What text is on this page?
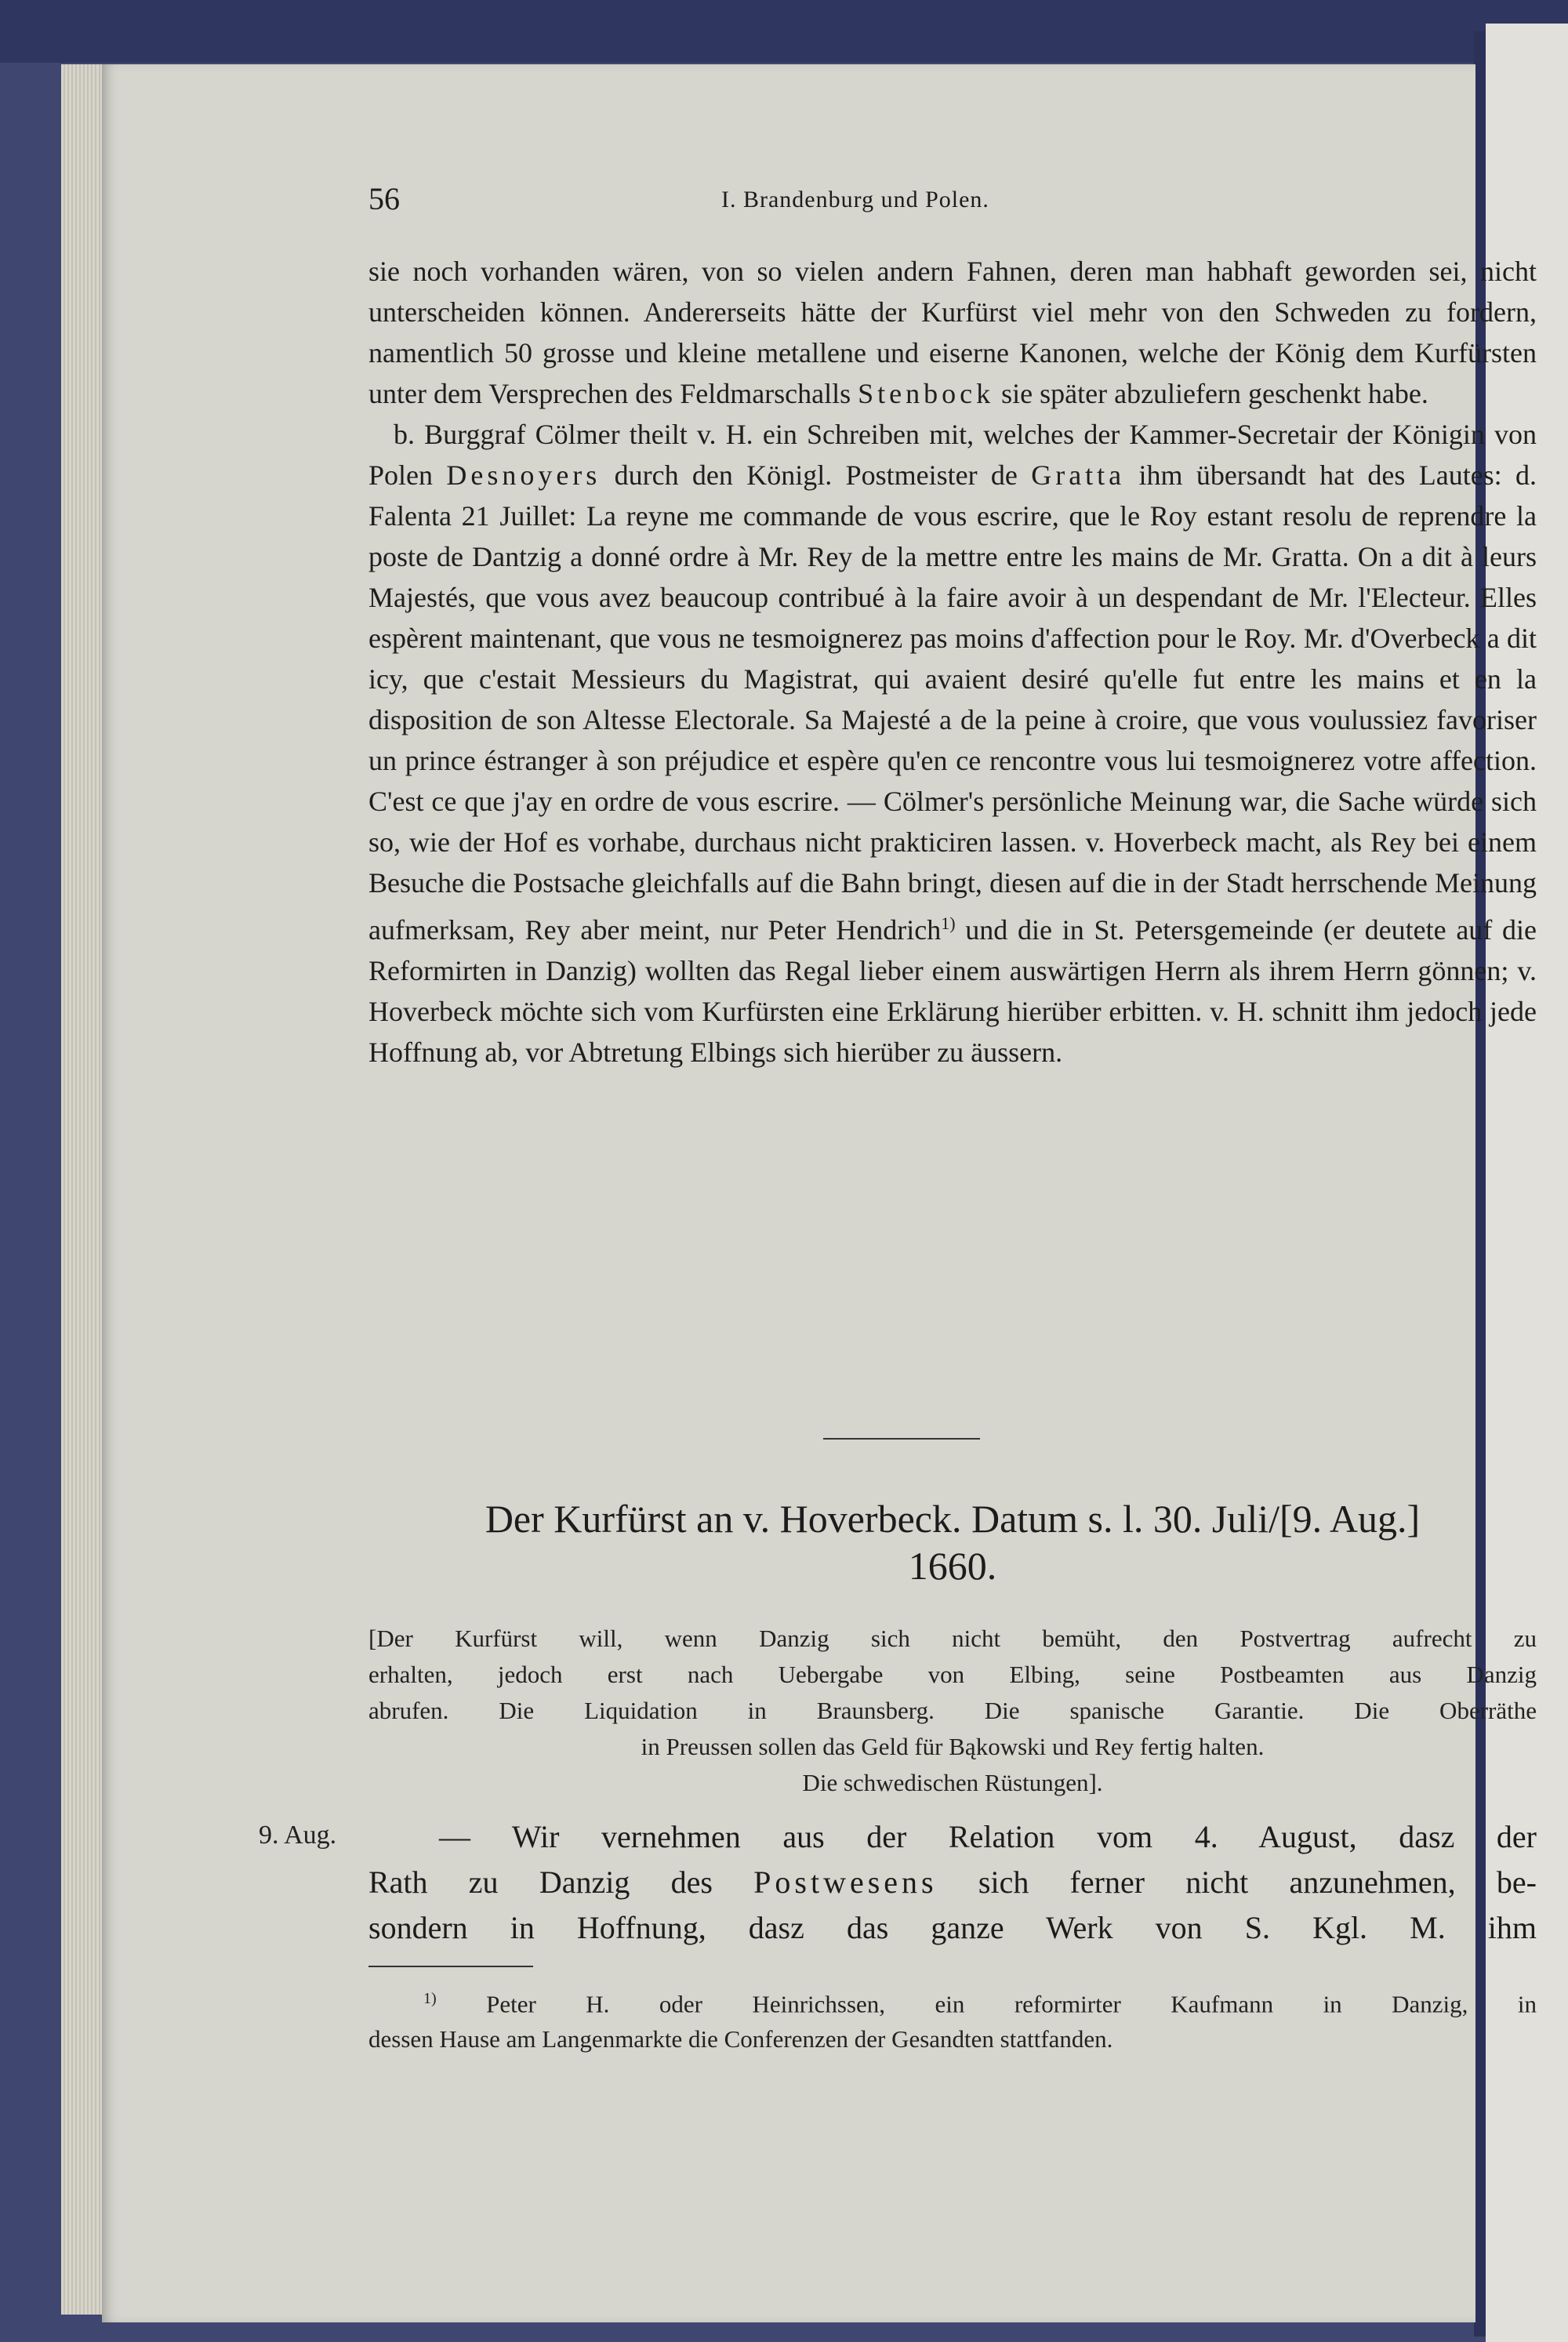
56	I. Brandenburg und Polen.

sie noch vorhanden wären, von so vielen andern Fahnen, deren man habhaft geworden sei, nicht unterscheiden können. Andererseits hätte der Kurfürst viel mehr von den Schweden zu fordern, namentlich 50 grosse und kleine metallene und eiserne Kanonen, welche der König dem Kurfürsten unter dem Versprechen des Feldmarschalls Stenbock sie später abzuliefern geschenkt habe.

b. Burggraf Cölmer theilt v. H. ein Schreiben mit, welches der Kammer-Secretair der Königin von Polen Desnoyers durch den Königl. Postmeister de Gratta ihm übersandt hat des Lautes: d. Falenta 21 Juillet: La reyne me commande de vous escrire, que le Roy estant resolu de reprendre la poste de Dantzig a donné ordre à Mr. Rey de la mettre entre les mains de Mr. Gratta. On a dit à leurs Majestés, que vous avez beaucoup contribué à la faire avoir à un despendant de Mr. l'Electeur. Elles espèrent maintenant, que vous ne tesmoignerez pas moins d'affection pour le Roy. Mr. d'Overbeck a dit icy, que c'estait Messieurs du Magistrat, qui avaient desiré qu'elle fut entre les mains et en la disposition de son Altesse Electorale. Sa Majesté a de la peine à croire, que vous voulussiez favoriser un prince éstranger à son préjudice et espère qu'en ce rencontre vous lui tesmoignerez votre affection. C'est ce que j'ay en ordre de vous escrire. — Cölmer's persönliche Meinung war, die Sache würde sich so, wie der Hof es vorhabe, durchaus nicht prakticiren lassen. v. Hoverbeck macht, als Rey bei einem Besuche die Postsache gleichfalls auf die Bahn bringt, diesen auf die in der Stadt herrschende Meinung aufmerksam, Rey aber meint, nur Peter Hendrich$^{1)}$ und die in St. Petersgemeinde (er deutete auf die Reformirten in Danzig) wollten das Regal lieber einem auswärtigen Herrn als ihrem Herrn gönnen; v. Hoverbeck möchte sich vom Kurfürsten eine Erklärung hierüber erbitten. v. H. schnitt ihm jedoch jede Hoffnung ab, vor Abtretung Elbings sich hierüber zu äussern.

Der Kurfürst an v. Hoverbeck. Datum s. l. 30. Juli/[9. Aug.]
1660.

[Der Kurfürst will, wenn Danzig sich nicht bemüht, den Postvertrag aufrecht zu

erhalten, jedoch erst nach Uebergabe von Elbing, seine Postbeamten aus Danzig

abrufen. Die Liquidation in Braunsberg. Die spanische Garantie. Die Oberräthe

in Preussen sollen das Geld für Bąkowski und Rey fertig halten.

Die schwedischen Rüstungen].

9. Aug.	— Wir vernehmen aus der Relation vom 4. August, dasz der

Rath zu Danzig des Postwesens sich ferner nicht anzunehmen, be-

sondern in Hoffnung, dasz das ganze Werk von S. Kgl. M. ihm

$^{1)}$ Peter H. oder Heinrichssen, ein reformirter Kaufmann in Danzig, in

dessen Hause am Langenmarkte die Conferenzen der Gesandten stattfanden.
